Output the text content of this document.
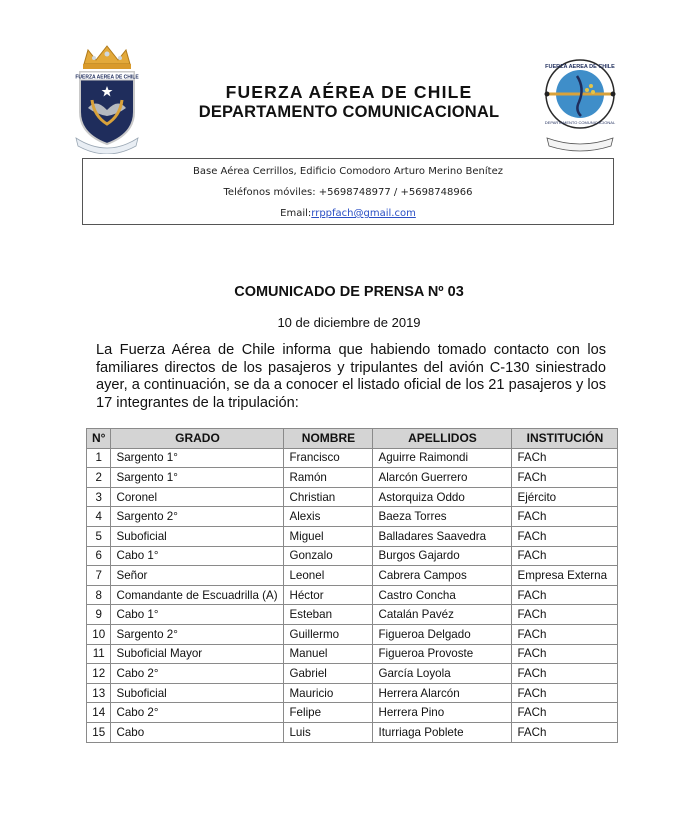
FUERZA AEREA DE CHILE
FUERZA AEREA DE CHILE
DEPARTAMENTO COMUNICACIONAL
FUERZA AÉREA DE CHILE
DEPARTAMENTO COMUNICACIONAL
Base Aérea Cerrillos, Edificio Comodoro Arturo Merino Benítez
Teléfonos móviles: +5698748977 / +5698748966
Email:rrppfach@gmail.com
COMUNICADO DE PRENSA Nº 03
10 de diciembre de 2019
La Fuerza Aérea de Chile informa que habiendo tomado contacto con los familiares directos de los pasajeros y tripulantes del avión C-130 siniestrado ayer, a continuación, se da a conocer el listado oficial de los 21 pasajeros y los 17 integrantes de la tripulación:
N°	GRADO	NOMBRE	APELLIDOS	INSTITUCIÓN
1	Sargento 1°	Francisco	Aguirre Raimondi	FACh
2	Sargento 1°	Ramón	Alarcón Guerrero	FACh
3	Coronel	Christian	Astorquiza Oddo	Ejército
4	Sargento 2°	Alexis	Baeza Torres	FACh
5	Suboficial	Miguel	Balladares Saavedra	FACh
6	Cabo 1°	Gonzalo	Burgos Gajardo	FACh
7	Señor	Leonel	Cabrera Campos	Empresa Externa
8	Comandante de Escuadrilla (A)	Héctor	Castro Concha	FACh
9	Cabo 1°	Esteban	Catalán Pavéz	FACh
10	Sargento 2°	Guillermo	Figueroa Delgado	FACh
11	Suboficial Mayor	Manuel	Figueroa Provoste	FACh
12	Cabo 2°	Gabriel	García Loyola	FACh
13	Suboficial	Mauricio	Herrera Alarcón	FACh
14	Cabo 2°	Felipe	Herrera Pino	FACh
15	Cabo	Luis	Iturriaga Poblete	FACh
